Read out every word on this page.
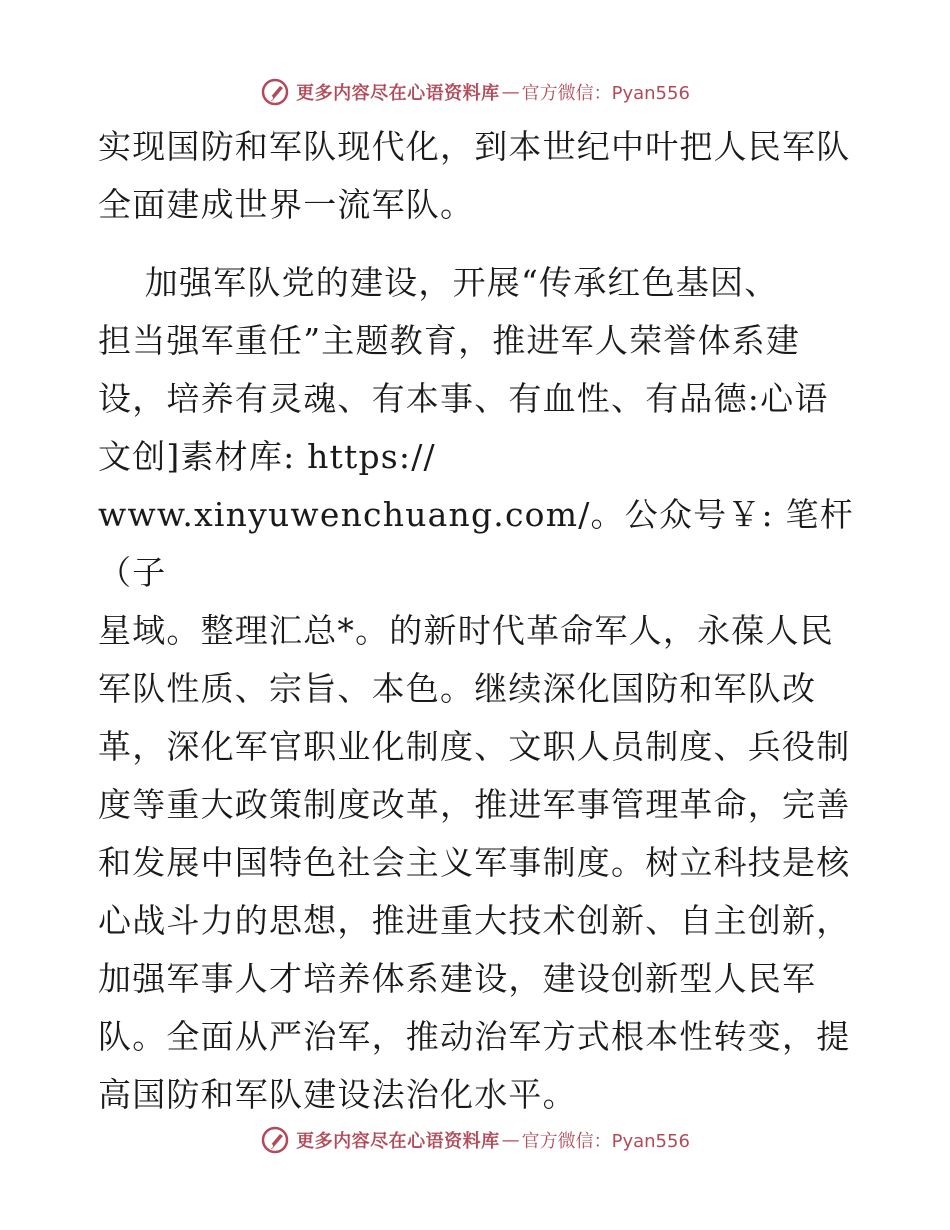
更多内容尽在心语资料库 — 官方微信：Pyan556

实现国防和军队现代化，到本世纪中叶把人民军队
全面建成世界一流军队。

加强军队党的建设，开展“传承红色基因、
担当强军重任”主题教育，推进军人荣誉体系建
设，培养有灵魂、有本事、有血性、有品德:心语
文创]素材库: https://
www.xinyuwenchuang.com/。公众号￥: 笔杆（子
星域。整理汇总*。的新时代革命军人，永葆人民
军队性质、宗旨、本色。继续深化国防和军队改
革，深化军官职业化制度、文职人员制度、兵役制
度等重大政策制度改革，推进军事管理革命，完善
和发展中国特色社会主义军事制度。树立科技是核
心战斗力的思想，推进重大技术创新、自主创新，
加强军事人才培养体系建设，建设创新型人民军
队。全面从严治军，推动治军方式根本性转变，提
高国防和军队建设法治化水平。

更多内容尽在心语资料库 — 官方微信：Pyan556
